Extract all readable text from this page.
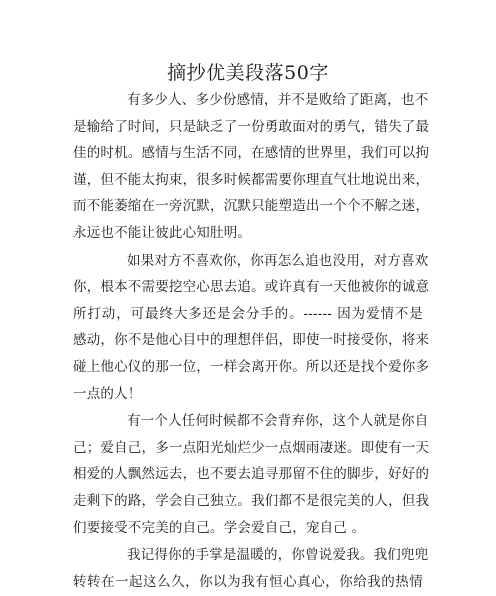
摘抄优美段落50字
有多少人、多少份感情，并不是败给了距离，也不
是输给了时间，只是缺乏了一份勇敢面对的勇气，错失了最
佳的时机。感情与生活不同，在感情的世界里，我们可以拘
谨，但不能太拘束，很多时候都需要你理直气壮地说出来，
而不能萎缩在一旁沉默，沉默只能塑造出一个个不解之迷，
永远也不能让彼此心知肚明。
如果对方不喜欢你，你再怎么追也没用，对方喜欢
你，根本不需要挖空心思去追。或许真有一天他被你的诚意
所打动，可最终大多还是会分手的。------ 因为爱情不是
感动，你不是他心目中的理想伴侣，即使一时接受你，将来
碰上他心仪的那一位，一样会离开你。所以还是找个爱你多
一点的人！
有一个人任何时候都不会背弃你，这个人就是你自
己；爱自己，多一点阳光灿烂少一点烟雨凄迷。即使有一天
相爱的人飘然远去，也不要去追寻那留不住的脚步，好好的
走剩下的路，学会自己独立。我们都不是很完美的人，但我
们要接受不完美的自己。学会爱自己，宠自己 。
我记得你的手掌是温暖的，你曾说爱我。我们兜兜
转转在一起这么久，你以为我有恒心真心，你给我的热情
